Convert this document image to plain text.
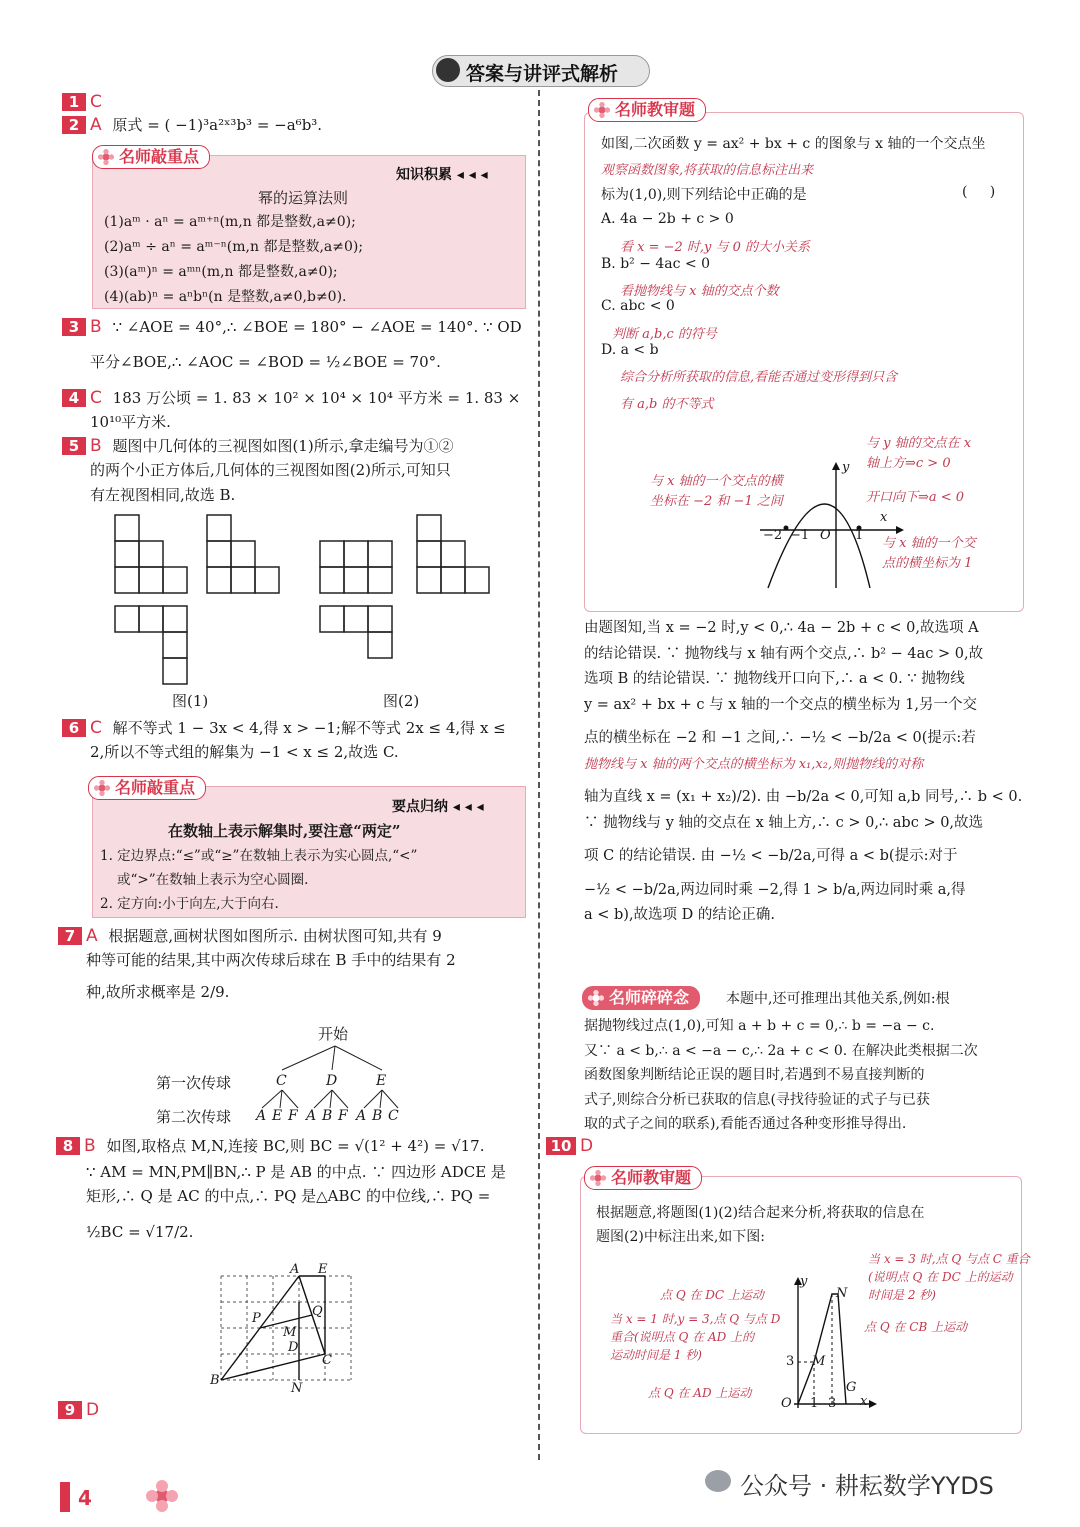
答案与讲评式解析
1 C
2 A 原式 = ( −1)³a²ˣ³b³ = −a⁶b³.
名师敲重点
知识积累 ◂ ◂ ◂
幂的运算法则
(1)aᵐ · aⁿ = aᵐ⁺ⁿ(m,n 都是整数,a≠0);
(2)aᵐ ÷ aⁿ = aᵐ⁻ⁿ(m,n 都是整数,a≠0);
(3)(aᵐ)ⁿ = aᵐⁿ(m,n 都是整数,a≠0);
(4)(ab)ⁿ = aⁿbⁿ(n 是整数,a≠0,b≠0).
3 B ∵ ∠AOE = 40°,∴ ∠BOE = 180° − ∠AOE = 140°. ∵ OD
平分∠BOE,∴ ∠AOC = ∠BOD = ½∠BOE = 70°.
4 C 183 万公顷 = 1. 83 × 10² × 10⁴ × 10⁴ 平方米 = 1. 83 ×
10¹⁰平方米.
5 B 题图中几何体的三视图如图(1)所示,拿走编号为①②
的两个小正方体后,几何体的三视图如图(2)所示,可知只
有左视图相同,故选 B.
图(1)	图(2)
6 C 解不等式 1 − 3x < 4,得 x > −1;解不等式 2x ≤ 4,得 x ≤
2,所以不等式组的解集为 −1 < x ≤ 2,故选 C.
名师敲重点
要点归纳 ◂ ◂ ◂
在数轴上表示解集时,要注意“两定”
1. 定边界点:“≤”或“≥”在数轴上表示为实心圆点,“<”
或“>”在数轴上表示为空心圆圈.
2. 定方向:小于向左,大于向右.
7 A 根据题意,画树状图如图所示. 由树状图可知,共有 9
种等可能的结果,其中两次传球后球在 B 手中的结果有 2
种,故所求概率是 2/9.
开始
第一次传球
第二次传球
C	D	E
A E F A B F A B C
8 B 如图,取格点 M,N,连接 BC,则 BC = √(1² + 4²) = √17.
∵ AM = MN,PM∥BN,∴ P 是 AB 的中点. ∵ 四边形 ADCE 是
矩形,∴ Q 是 AC 的中点,∴ PQ 是△ABC 的中位线,∴ PQ =
½BC = √17/2.
A E
P	Q
M
D
C
B
N
9 D
名师教审题
如图,二次函数 y = ax² + bx + c 的图象与 x 轴的一个交点坐
观察函数图象,将获取的信息标注出来
标为(1,0),则下列结论中正确的是	(     )
A. 4a − 2b + c > 0
看 x = −2 时,y 与 0 的大小关系
B. b² − 4ac < 0
看抛物线与 x 轴的交点个数
C. abc < 0
判断 a,b,c 的符号
D. a < b
综合分析所获取的信息,看能否通过变形得到只含
有 a,b 的不等式
−2 −1 O 1
x
y
与 y 轴的交点在 x
轴上方⇒c > 0
与 x 轴的一个交点的横
坐标在 −2 和 −1 之间	开口向下⇒a < 0
与 x 轴的一个交
点的横坐标为 1
由题图知,当 x = −2 时,y < 0,∴ 4a − 2b + c < 0,故选项 A
的结论错误. ∵ 抛物线与 x 轴有两个交点,∴ b² − 4ac > 0,故
选项 B 的结论错误. ∵ 抛物线开口向下,∴ a < 0. ∵ 抛物线
y = ax² + bx + c 与 x 轴的一个交点的横坐标为 1,另一个交
点的横坐标在 −2 和 −1 之间,∴ −½ < −b/2a < 0(提示:若
抛物线与 x 轴的两个交点的横坐标为 x₁,x₂,则抛物线的对称
轴为直线 x = (x₁ + x₂)/2). 由 −b/2a < 0,可知 a,b 同号,∴ b < 0.
∵ 抛物线与 y 轴的交点在 x 轴上方,∴ c > 0,∴ abc > 0,故选
项 C 的结论错误. 由 −½ < −b/2a,可得 a < b(提示:对于
−½ < −b/2a,两边同时乘 −2,得 1 > b/a,两边同时乘 a,得
a < b),故选项 D 的结论正确.
名师碎碎念	本题中,还可推理出其他关系,例如:根
据抛物线过点(1,0),可知 a + b + c = 0,∴ b = −a − c.
又∵ a < b,∴ a < −a − c,∴ 2a + c < 0. 在解决此类根据二次
函数图象判断结论正误的题目时,若遇到不易直接判断的
式子,则综合分析已获取的信息(寻找待验证的式子与已获
取的式子之间的联系),看能否通过各种变形推导得出.
10 D
名师教审题
根据题意,将题图(1)(2)结合起来分析,将获取的信息在
题图(2)中标注出来,如下图:
y
N
3 M
G
O 1 3 x
当 x = 3 时,点 Q 与点 C 重合
(说明点 Q 在 DC 上的运动
时间是 2 秒)
点 Q 在 DC 上运动
当 x = 1 时,y = 3,点 Q 与点 D
重合(说明点 Q 在 AD 上的
运动时间是 1 秒)
点 Q 在 CB 上运动
点 Q 在 AD 上运动
4	公众号 · 耕耘数学YYDS
